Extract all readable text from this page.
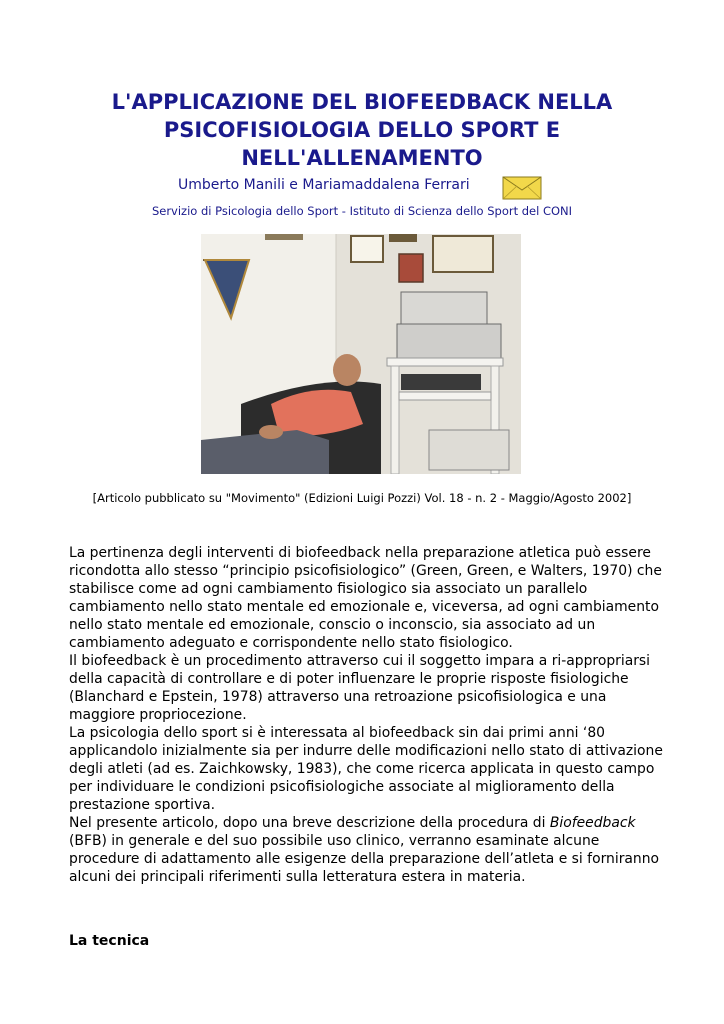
L'APPLICAZIONE DEL BIOFEEDBACK NELLA
PSICOFISIOLOGIA DELLO SPORT E
NELL'ALLENAMENTO
Umberto Manili e Mariamaddalena Ferrari
Servizio di Psicologia dello Sport - Istituto di Scienza dello Sport del CONI
[Articolo pubblicato su "Movimento" (Edizioni Luigi Pozzi) Vol. 18 - n. 2 - Maggio/Agosto 2002]

La pertinenza degli interventi di biofeedback nella preparazione atletica può essere ricondotta allo stesso “principio psicofisiologico” (Green, Green, e Walters, 1970) che stabilisce come ad ogni cambiamento fisiologico sia associato un parallelo cambiamento nello stato mentale ed emozionale e, viceversa, ad ogni cambiamento nello stato mentale ed emozionale, conscio o inconscio, sia associato ad un cambiamento adeguato e corrispondente nello stato fisiologico.

Il biofeedback è un procedimento attraverso cui il soggetto impara a ri-appropriarsi della capacità di controllare e di poter influenzare le proprie risposte fisiologiche (Blanchard e Epstein, 1978) attraverso una retroazione psicofisiologica e una maggiore propriocezione.

La psicologia dello sport si è interessata al biofeedback sin dai primi anni ‘80 applicandolo inizialmente sia per indurre delle modificazioni nello stato di attivazione degli atleti (ad es. Zaichkowsky, 1983), che come ricerca applicata in questo campo per individuare le condizioni psicofisiologiche associate al miglioramento della prestazione sportiva.

Nel presente articolo, dopo una breve descrizione della procedura di Biofeedback (BFB) in generale e del suo possibile uso clinico, verranno esaminate alcune procedure di adattamento alle esigenze della preparazione dell’atleta e si forniranno alcuni dei principali riferimenti sulla letteratura estera in materia.

La tecnica
